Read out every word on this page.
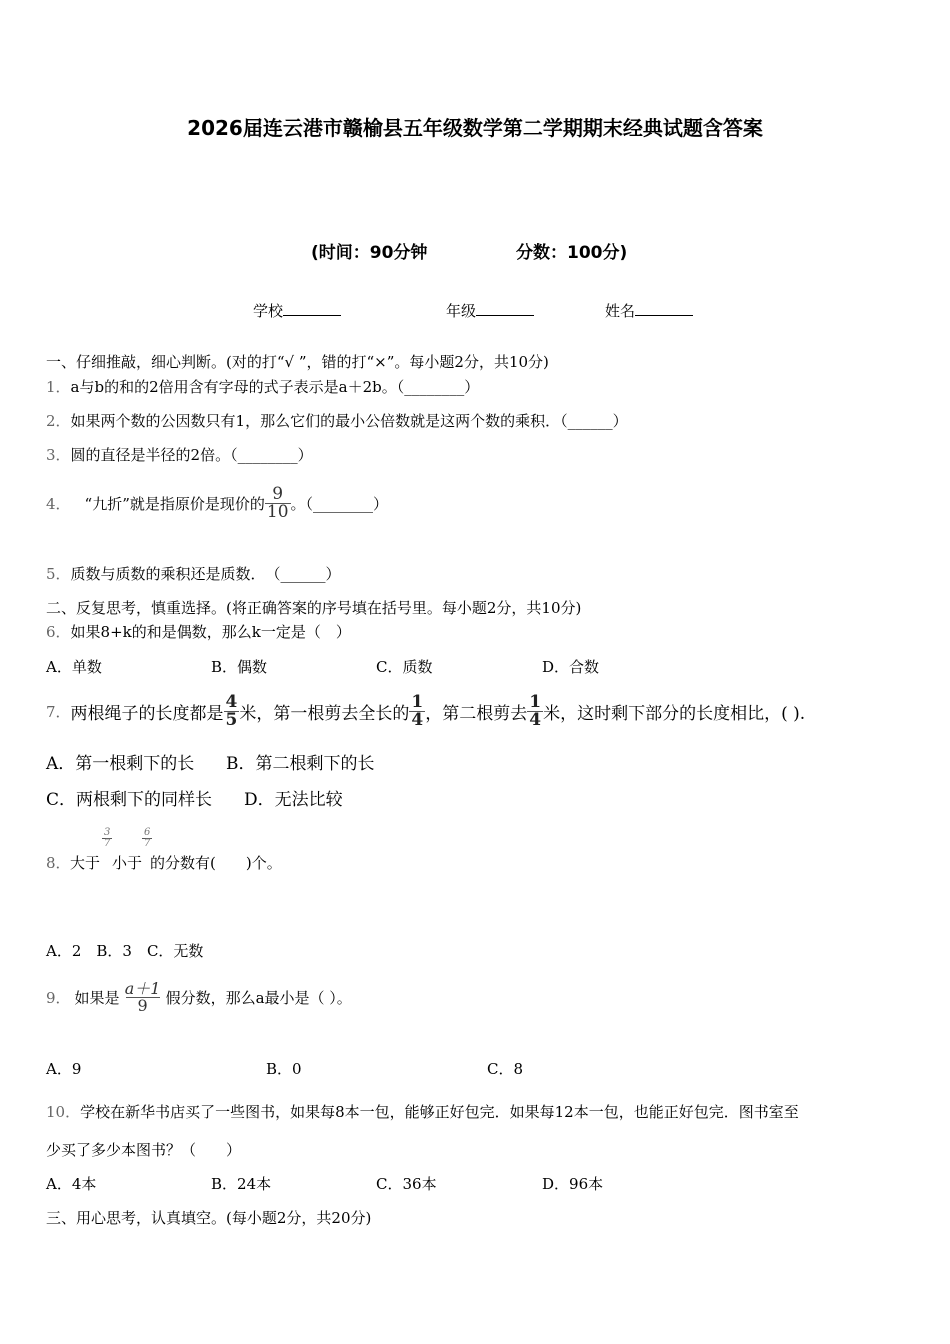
2026届连云港市赣榆县五年级数学第二学期期末经典试题含答案
(时间：90分钟	分数：100分)
学校	年级	姓名
一、仔细推敲，细心判断。(对的打“√ ”，错的打“×”。每小题2分，共10分)
1．a与b的和的2倍用含有字母的式子表示是a＋2b。（________）
2．如果两个数的公因数只有1，那么它们的最小公倍数就是这两个数的乘积．（______）
3．圆的直径是半径的2倍。（________）
4． “九折”就是指原价是现价的 $\frac{9}{10}$ 。（________）
5．质数与质数的乘积还是质数．　（______）
二、反复思考，慎重选择。(将正确答案的序号填在括号里。每小题2分，共10分)
6．如果8+k的和是偶数，那么k一定是（　）
A．单数	B．偶数	C．质数	D．合数
7． 两根绳子的长度都是 $\frac{4}{5}$ 米，第一根剪去全长的 $\frac{1}{4}$ ，第二根剪去 $\frac{1}{4}$ 米，这时剩下部分的长度相比，( ).
A．第一根剩下的长 B．第二根剩下的长
C．两根剩下的同样长 D．无法比较
8． 大于
3
7
小于
6
7
的分数有(　　)个。
A．2　B．3　C．无数
9． 如果是 $\frac{a+1}{9}$ 假分数，那么a最小是（ ）。
A．9	B．0	C．8
10．学校在新华书店买了一些图书，如果每8本一包，能够正好包完．如果每12本一包，也能正好包完．图书室至
少买了多少本图书？（　　）
A．4本	B．24本	C．36本	D．96本
三、用心思考，认真填空。(每小题2分，共20分)
